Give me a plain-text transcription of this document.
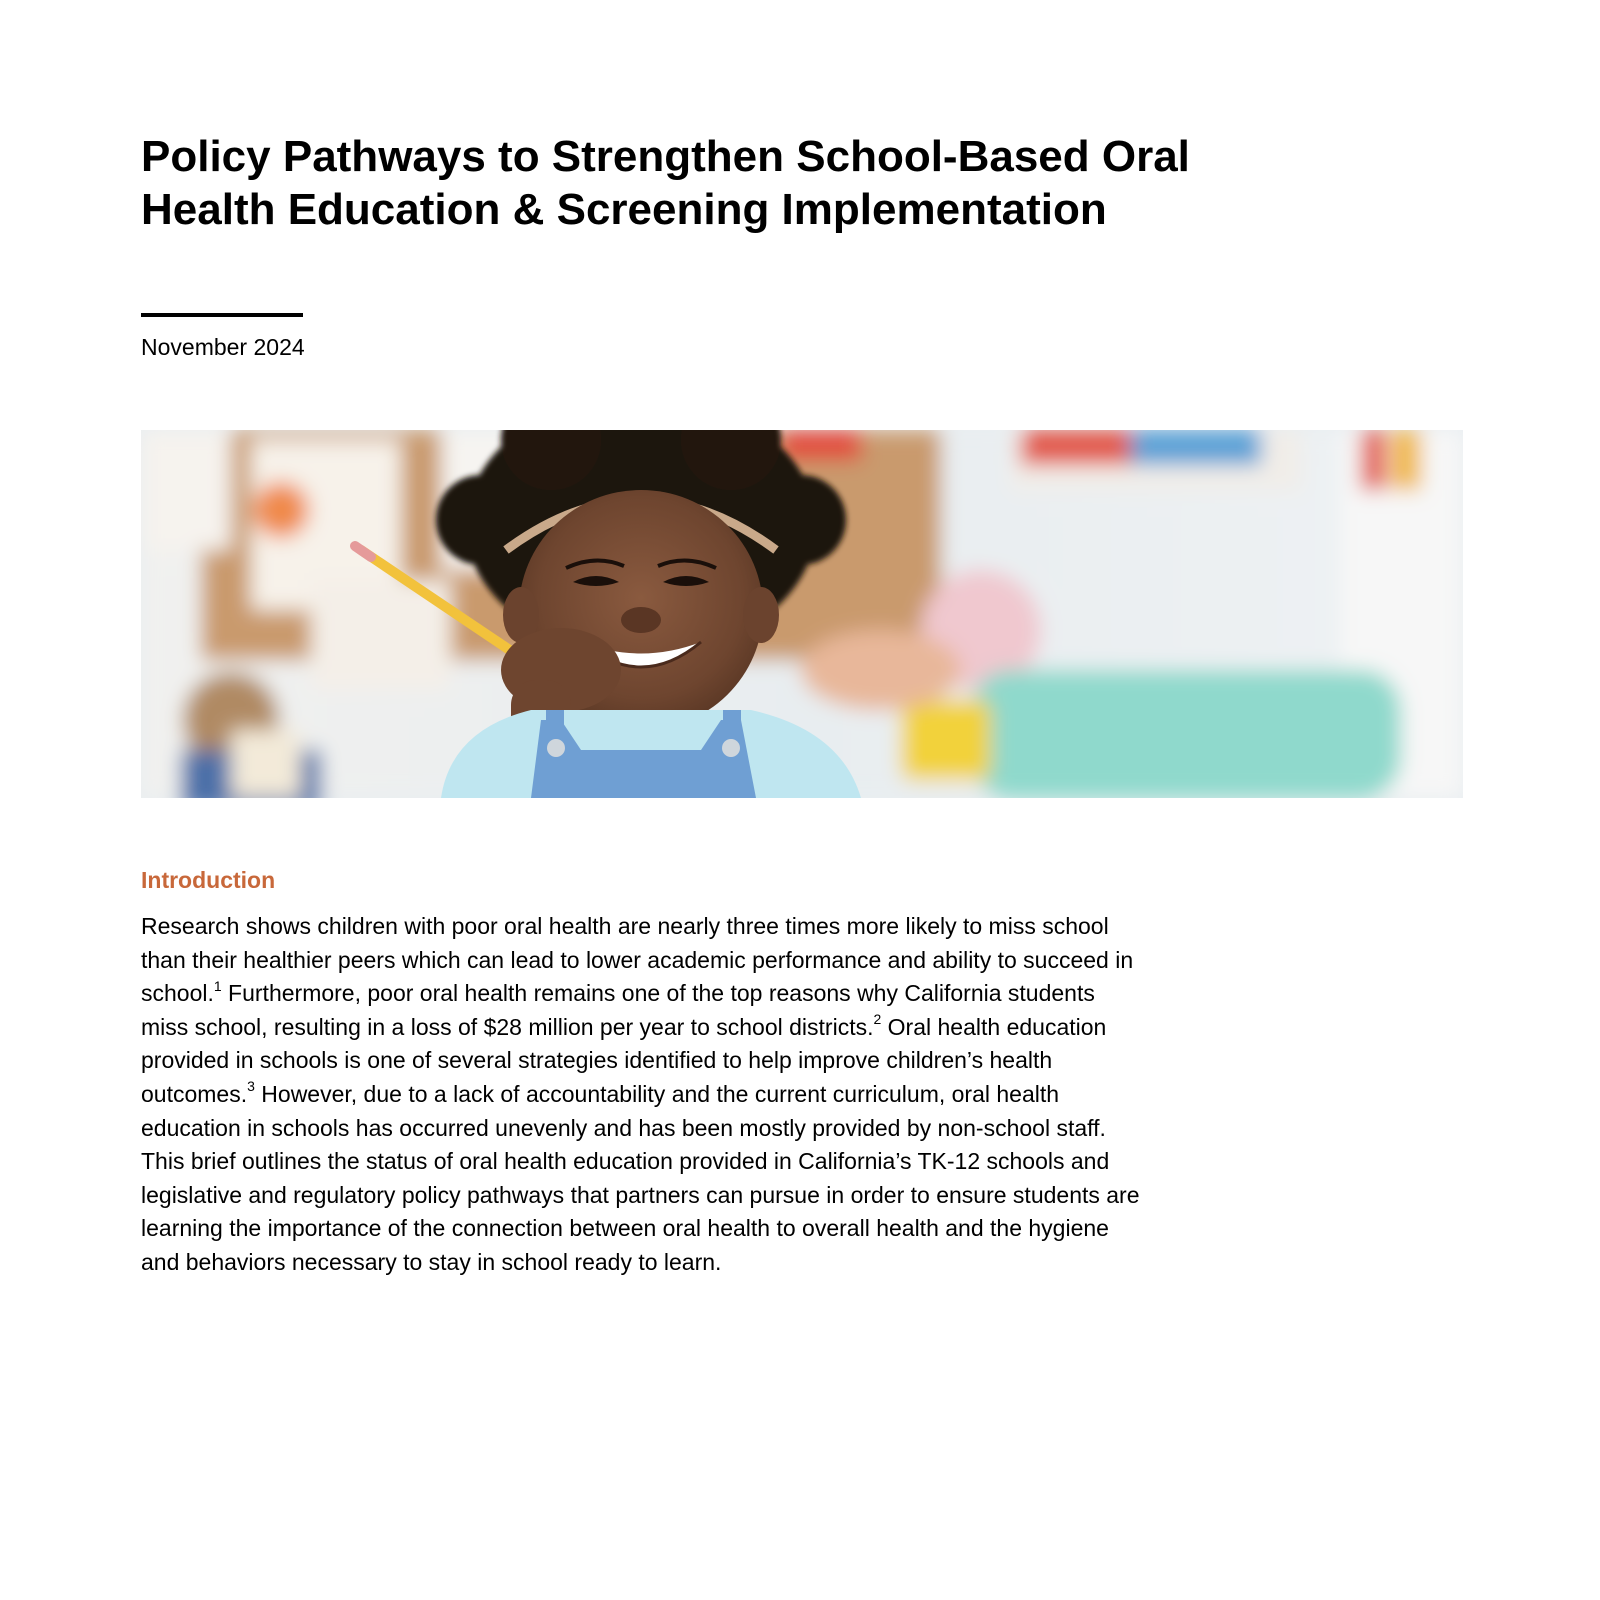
Policy Pathways to Strengthen School-Based Oral
Health Education & Screening Implementation
November 2024
Introduction
Research shows children with poor oral health are nearly three times more likely to miss school
than their healthier peers which can lead to lower academic performance and ability to succeed in
school.$^1$ Furthermore, poor oral health remains one of the top reasons why California students
miss school, resulting in a loss of $28 million per year to school districts.$^2$ Oral health education
provided in schools is one of several strategies identified to help improve children’s health
outcomes.$^3$ However, due to a lack of accountability and the current curriculum, oral health
education in schools has occurred unevenly and has been mostly provided by non-school staff.
This brief outlines the status of oral health education provided in California’s TK-12 schools and
legislative and regulatory policy pathways that partners can pursue in order to ensure students are
learning the importance of the connection between oral health to overall health and the hygiene
and behaviors necessary to stay in school ready to learn.
